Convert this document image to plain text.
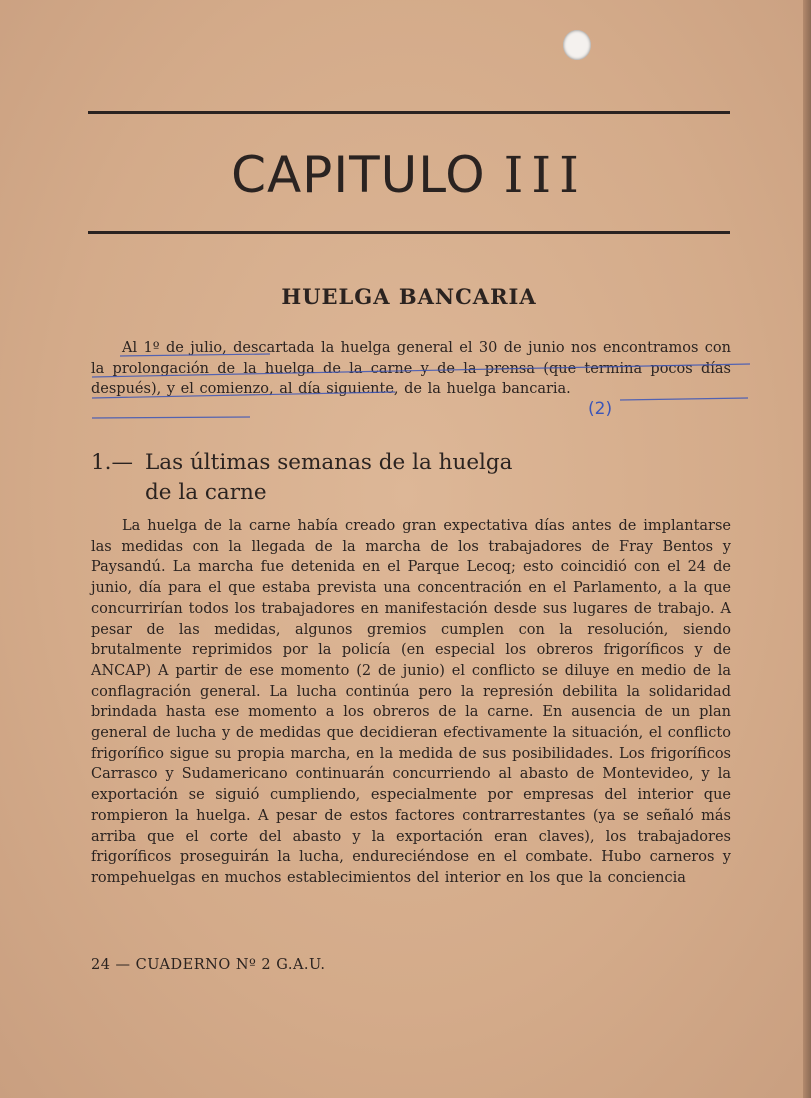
CAPITULO III
HUELGA BANCARIA

Al 1º de julio, descartada la huelga general el 30 de junio nos encontramos con la prolongación de la huelga de la carne y de la prensa (que termina pocos días después), y el comienzo, al día siguiente, de la huelga bancaria.

(2)
1.— Las últimas semanas de la huelga
de la carne

La huelga de la carne había creado gran expectativa días antes de implantarse las medidas con la llegada de la marcha de los trabajadores de Fray Bentos y Paysandú. La marcha fue detenida en el Parque Lecoq; esto coincidió con el 24 de junio, día para el que estaba prevista una concentración en el Parlamento, a la que concurrirían todos los trabajadores en manifestación desde sus lugares de trabajo. A pesar de las medidas, algunos gremios cumplen con la resolución, siendo brutalmente reprimidos por la policía (en especial los obreros frigoríficos y de ANCAP) A partir de ese momento (2 de junio) el conflicto se diluye en medio de la conflagración general. La lucha continúa pero la represión debilita la solidaridad brindada hasta ese momento a los obreros de la carne. En ausencia de un plan general de lucha y de medidas que decidieran efectivamente la situación, el conflicto frigorífico sigue su propia marcha, en la medida de sus posibilidades. Los frigoríficos Carrasco y Sudamericano continuarán concurriendo al abasto de Montevideo, y la exportación se siguió cumpliendo, especialmente por empresas del interior que rompieron la huelga. A pesar de estos factores contrarrestantes (ya se señaló más arriba que el corte del abasto y la exportación eran claves), los trabajadores frigoríficos proseguirán la lucha, endureciéndose en el combate. Hubo carneros y rompehuelgas en muchos establecimientos del interior en los que la conciencia

24 — CUADERNO Nº 2 G.A.U.
